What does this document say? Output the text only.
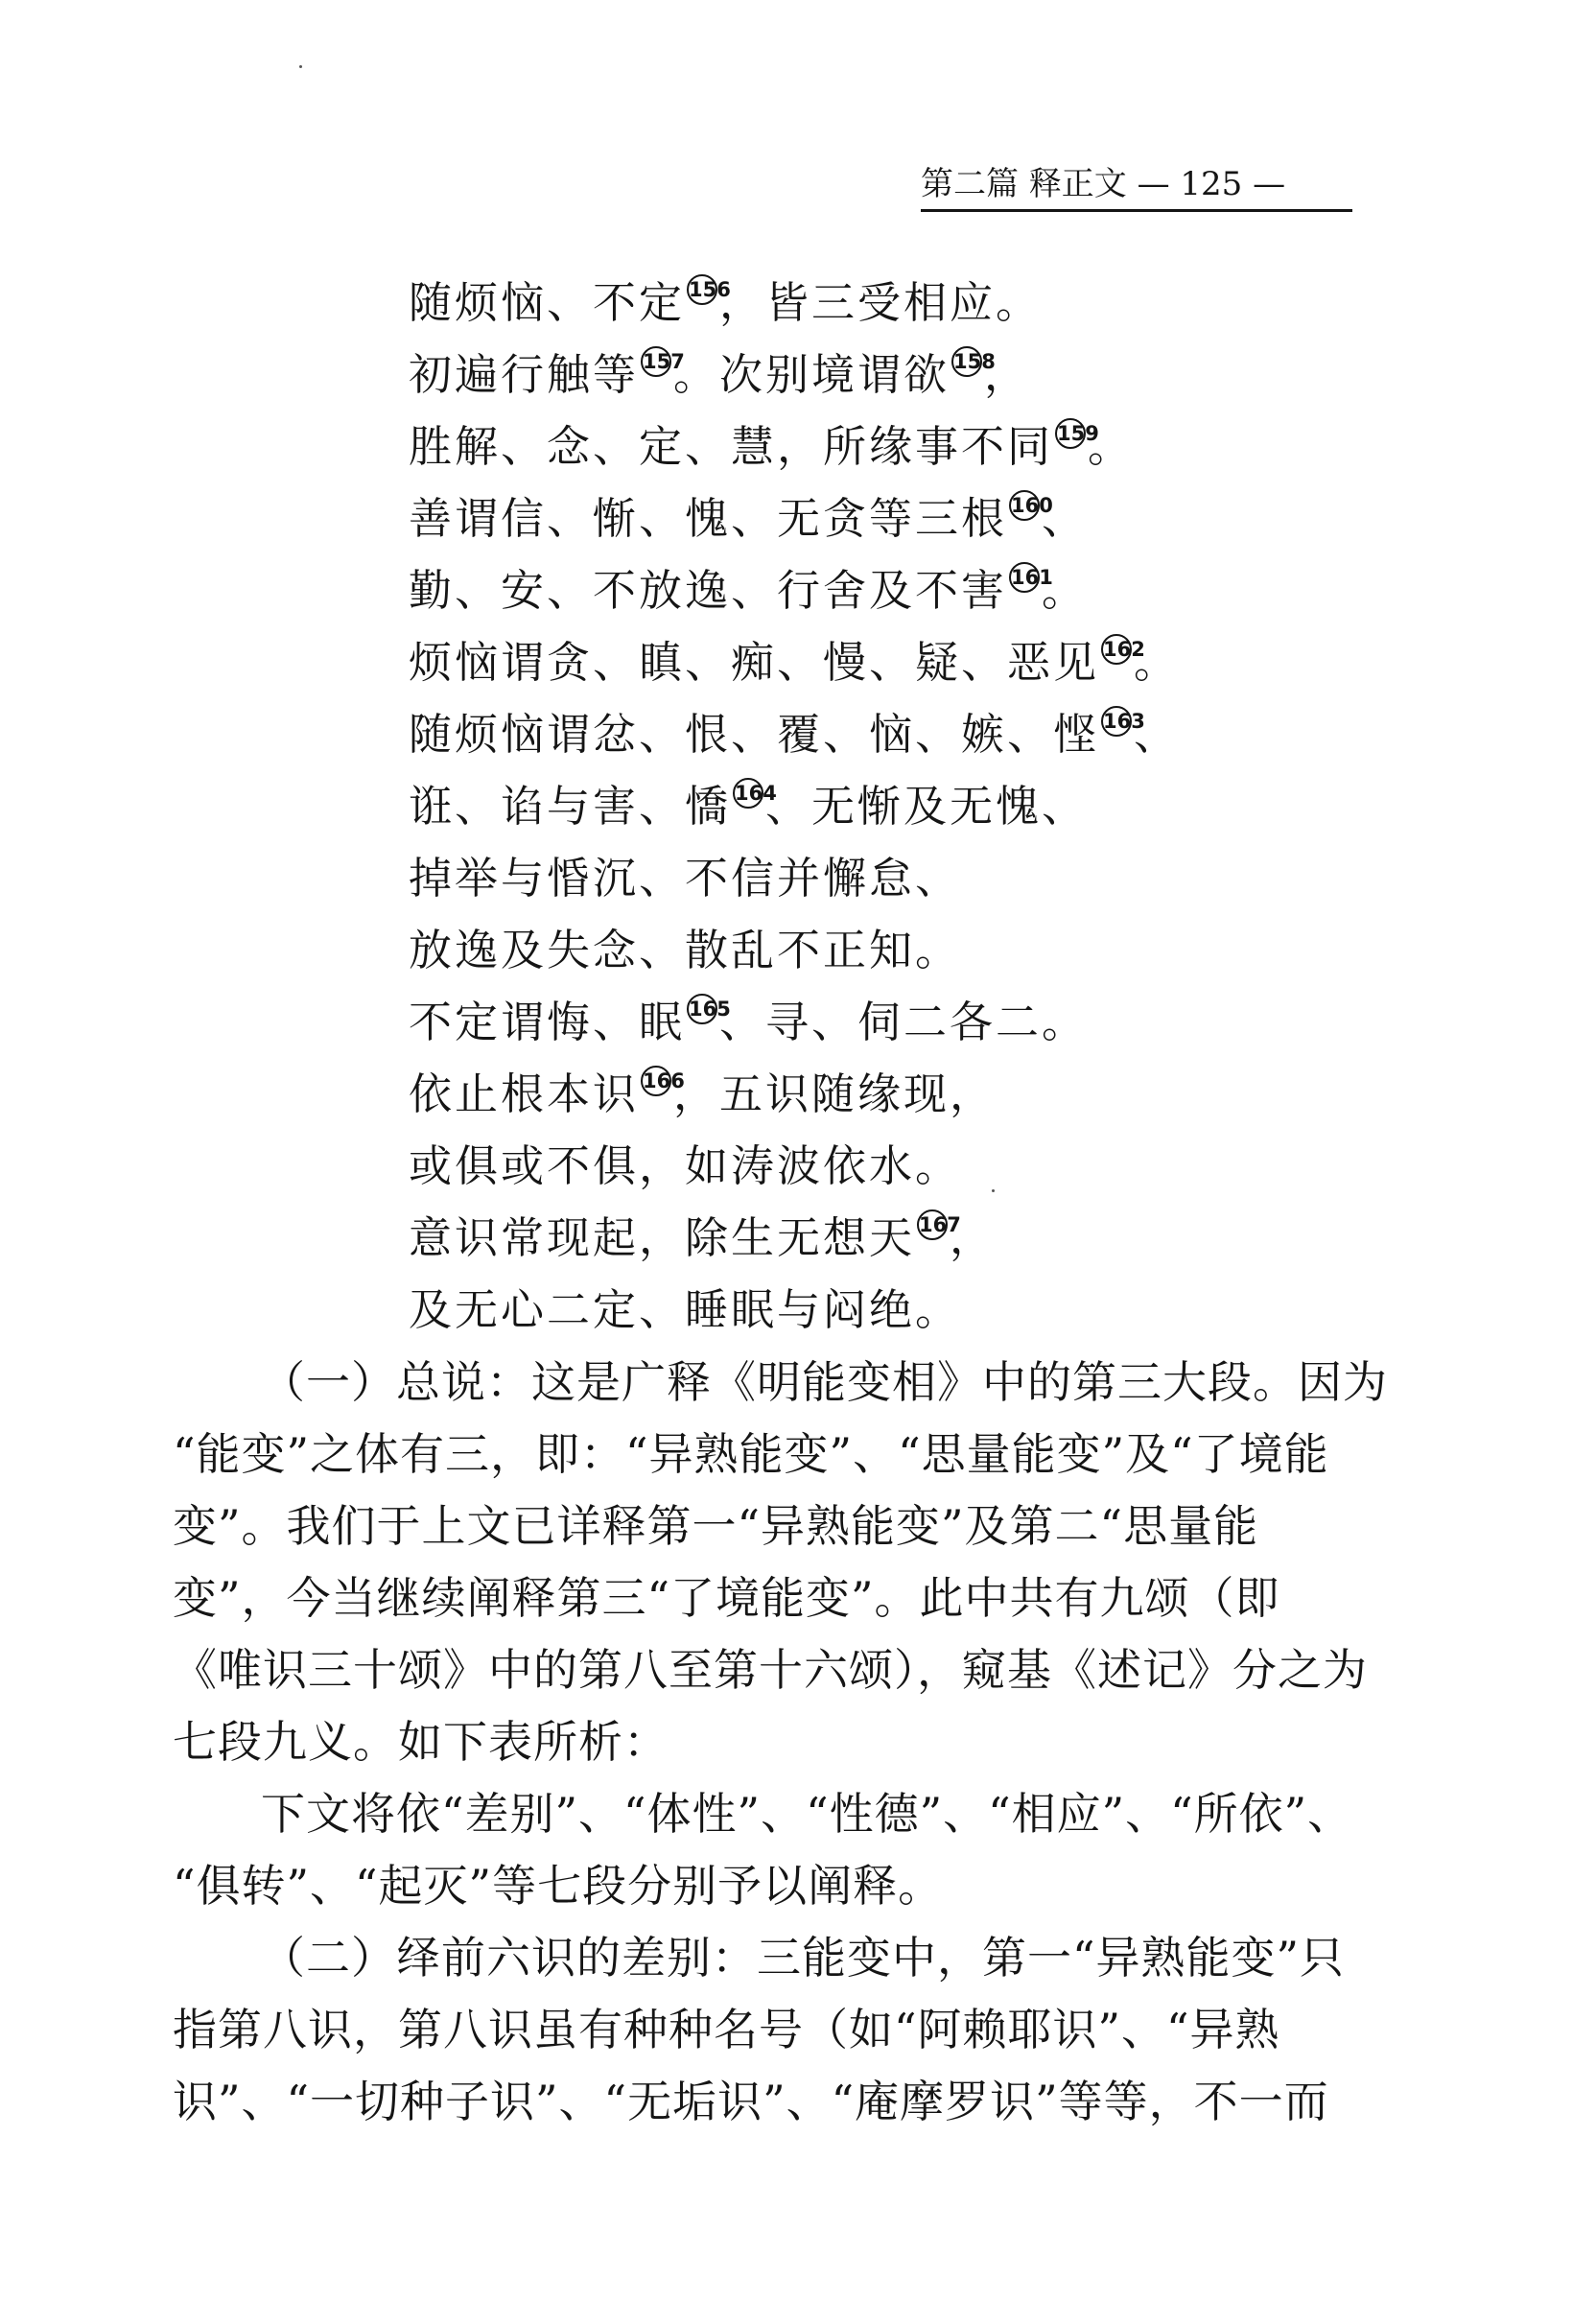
第二篇 释正文 — 125 —
随烦恼、不定 156，皆三受相应。
初遍行触等 157。次别境谓欲 158，
胜解、念、定、慧，所缘事不同 159。
善谓信、惭、愧、无贪等三根 160、
勤、安、不放逸、行舍及不害 161。
烦恼谓贪、瞋、痴、慢、疑、恶见 162。
随烦恼谓忿、恨、覆、恼、嫉、悭 163、
诳、谄与害、憍 164、无惭及无愧、
掉举与惛沉、不信并懈怠、
放逸及失念、散乱不正知。
不定谓悔、眠 165、寻、伺二各二。
依止根本识 166，五识随缘现，
或俱或不俱，如涛波依水。
意识常现起，除生无想天 167，
及无心二定、睡眠与闷绝。
（一）总说：这是广释《明能变相》中的第三大段。因为
“能变”之体有三，即：“异熟能变”、“思量能变”及“了境能
变”。我们于上文已详释第一“异熟能变”及第二“思量能
变”，今当继续阐释第三“了境能变”。此中共有九颂（即
《唯识三十颂》中的第八至第十六颂），窥基《述记》分之为
七段九义。如下表所析：
下文将依“差别”、“体性”、“性德”、“相应”、“所依”、
“俱转”、“起灭”等七段分别予以阐释。
（二）绎前六识的差别：三能变中，第一“异熟能变”只
指第八识，第八识虽有种种名号（如“阿赖耶识”、“异熟
识”、“一切种子识”、“无垢识”、“庵摩罗识”等等，不一而
